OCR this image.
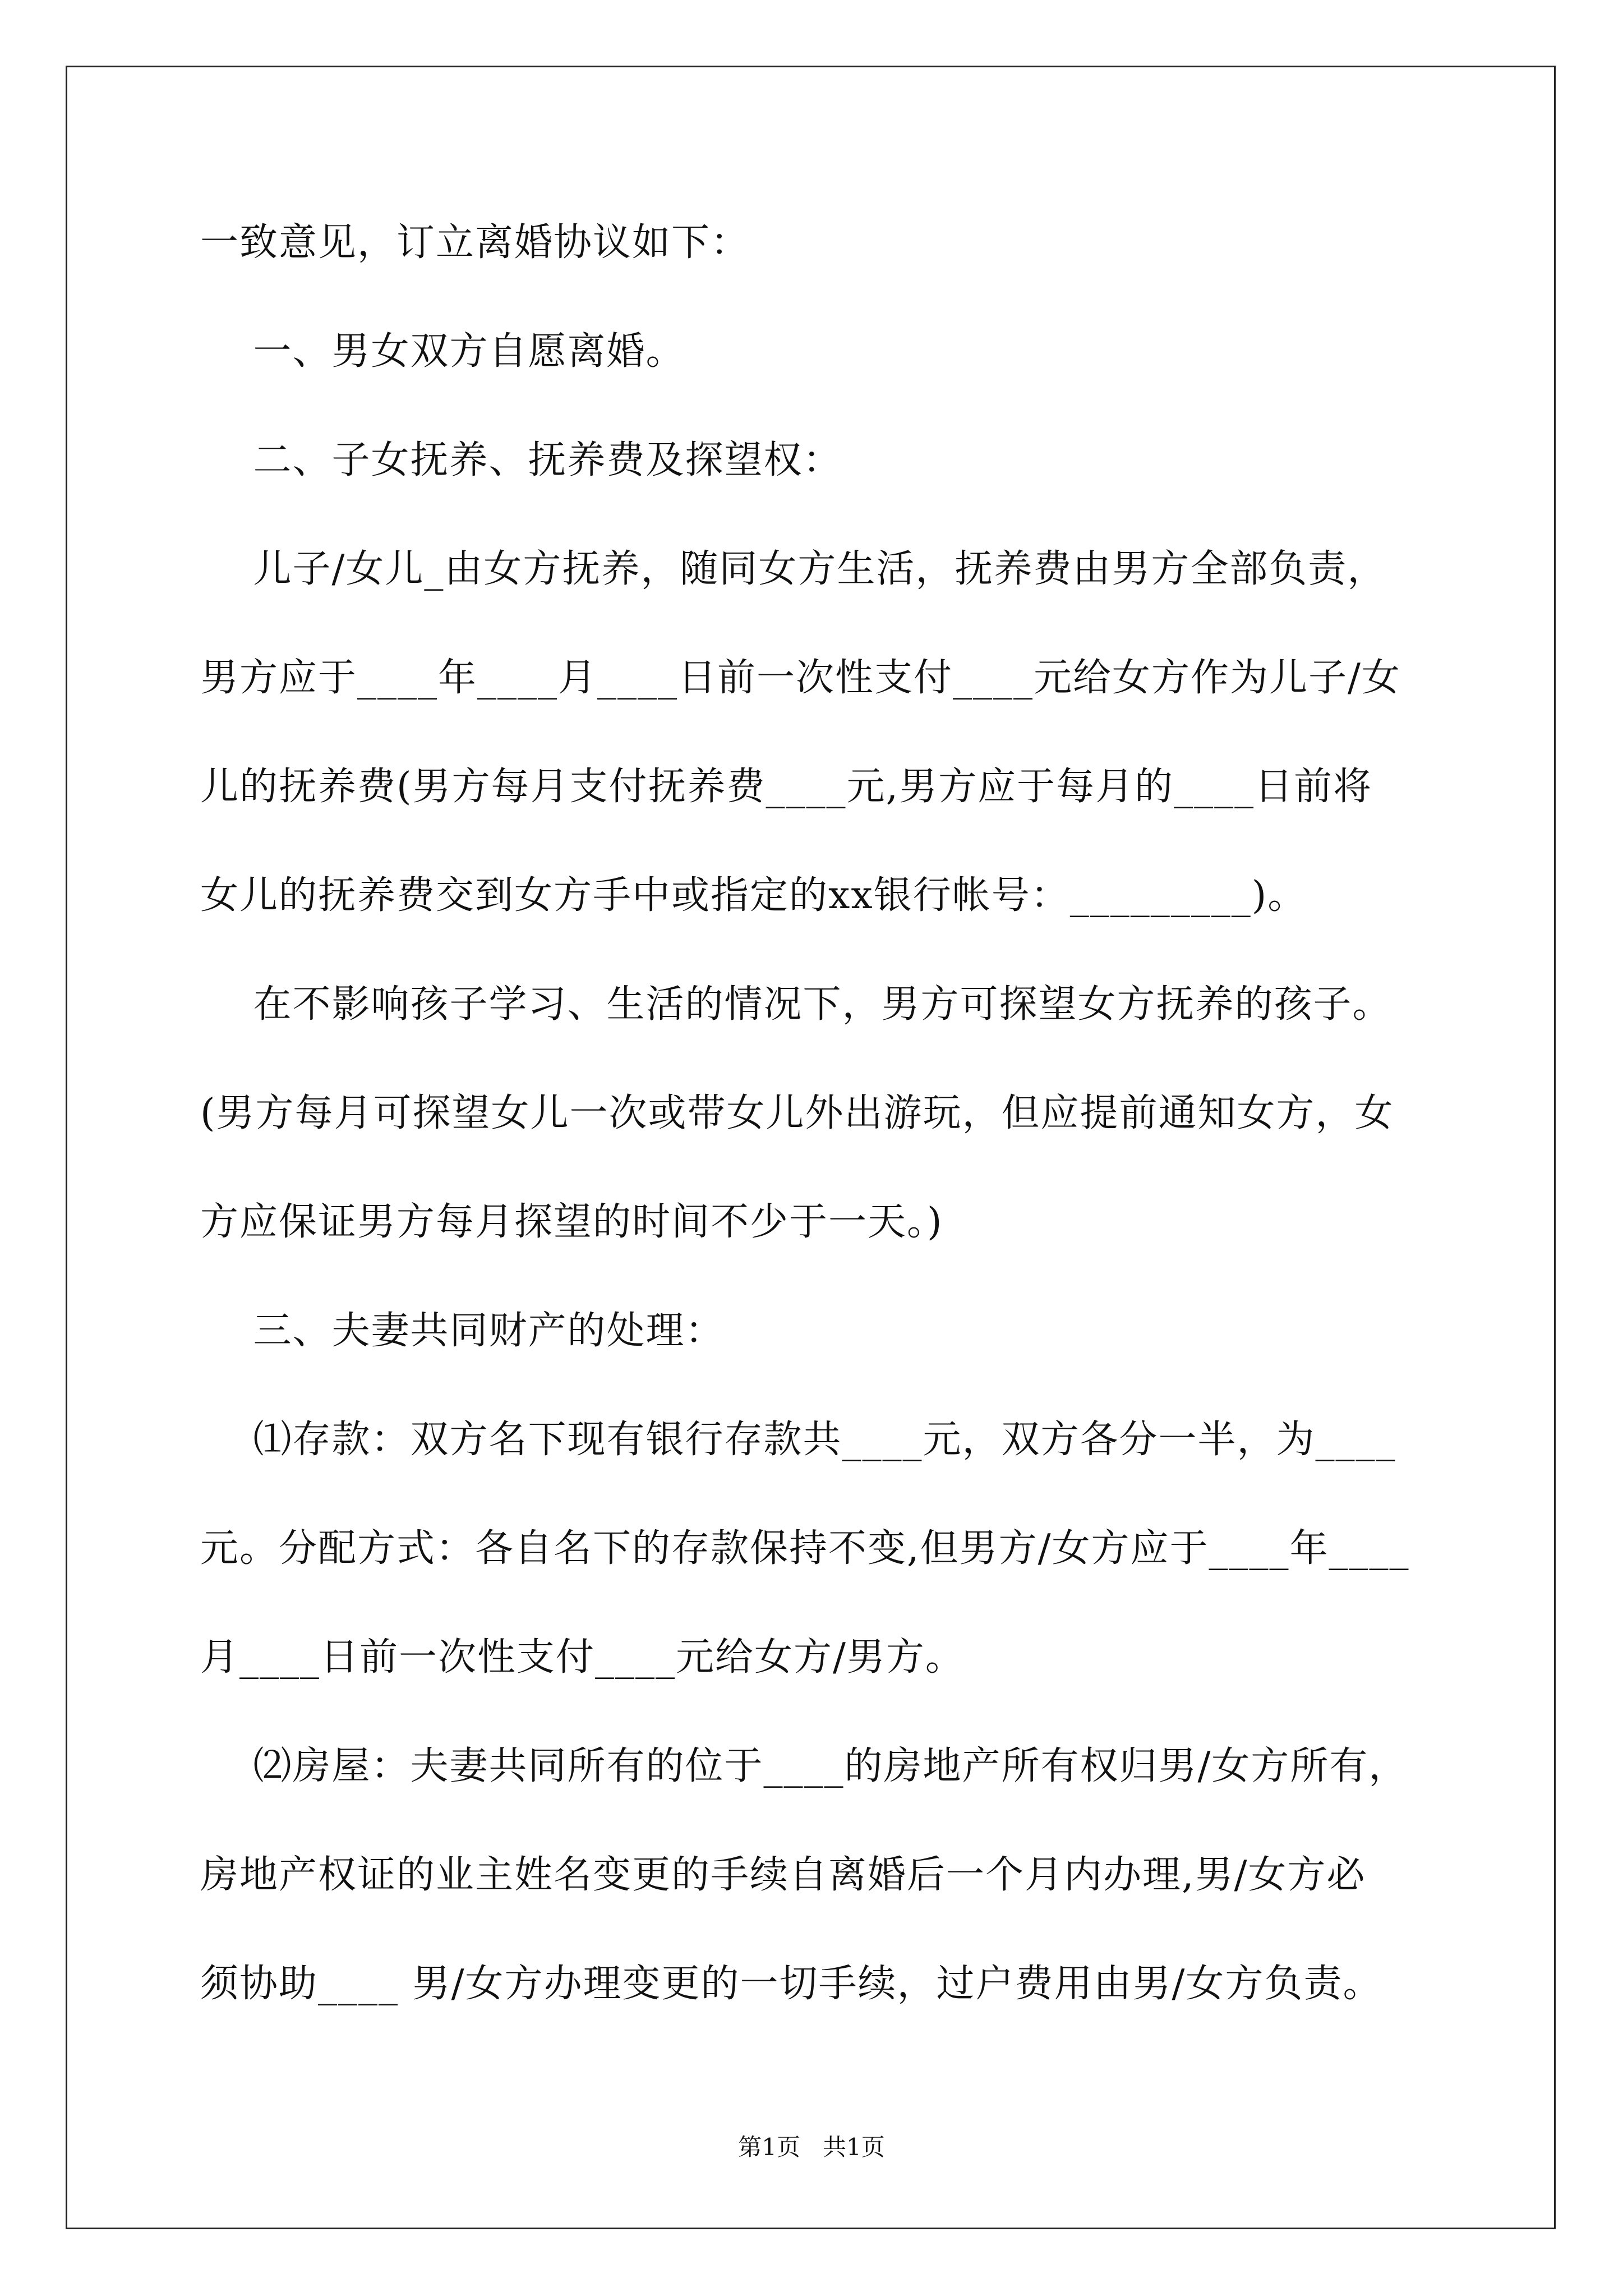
一致意见，订立离婚协议如下：
一、男女双方自愿离婚。
二、子女抚养、抚养费及探望权：
儿子/女儿_由女方抚养，随同女方生活，抚养费由男方全部负责，
男方应于____年____月____日前一次性支付____元给女方作为儿子/女
儿的抚养费(男方每月支付抚养费____元,男方应于每月的____日前将
女儿的抚养费交到女方手中或指定的xx银行帐号：_________)。
在不影响孩子学习、生活的情况下，男方可探望女方抚养的孩子。
(男方每月可探望女儿一次或带女儿外出游玩，但应提前通知女方，女
方应保证男方每月探望的时间不少于一天。)
三、夫妻共同财产的处理：
⑴存款：双方名下现有银行存款共____元，双方各分一半，为____
元。分配方式：各自名下的存款保持不变,但男方/女方应于____年____
月____日前一次性支付____元给女方/男方。
⑵房屋：夫妻共同所有的位于____的房地产所有权归男/女方所有，
房地产权证的业主姓名变更的手续自离婚后一个月内办理,男/女方必
须协助____ 男/女方办理变更的一切手续，过户费用由男/女方负责。
第1页   共1页
